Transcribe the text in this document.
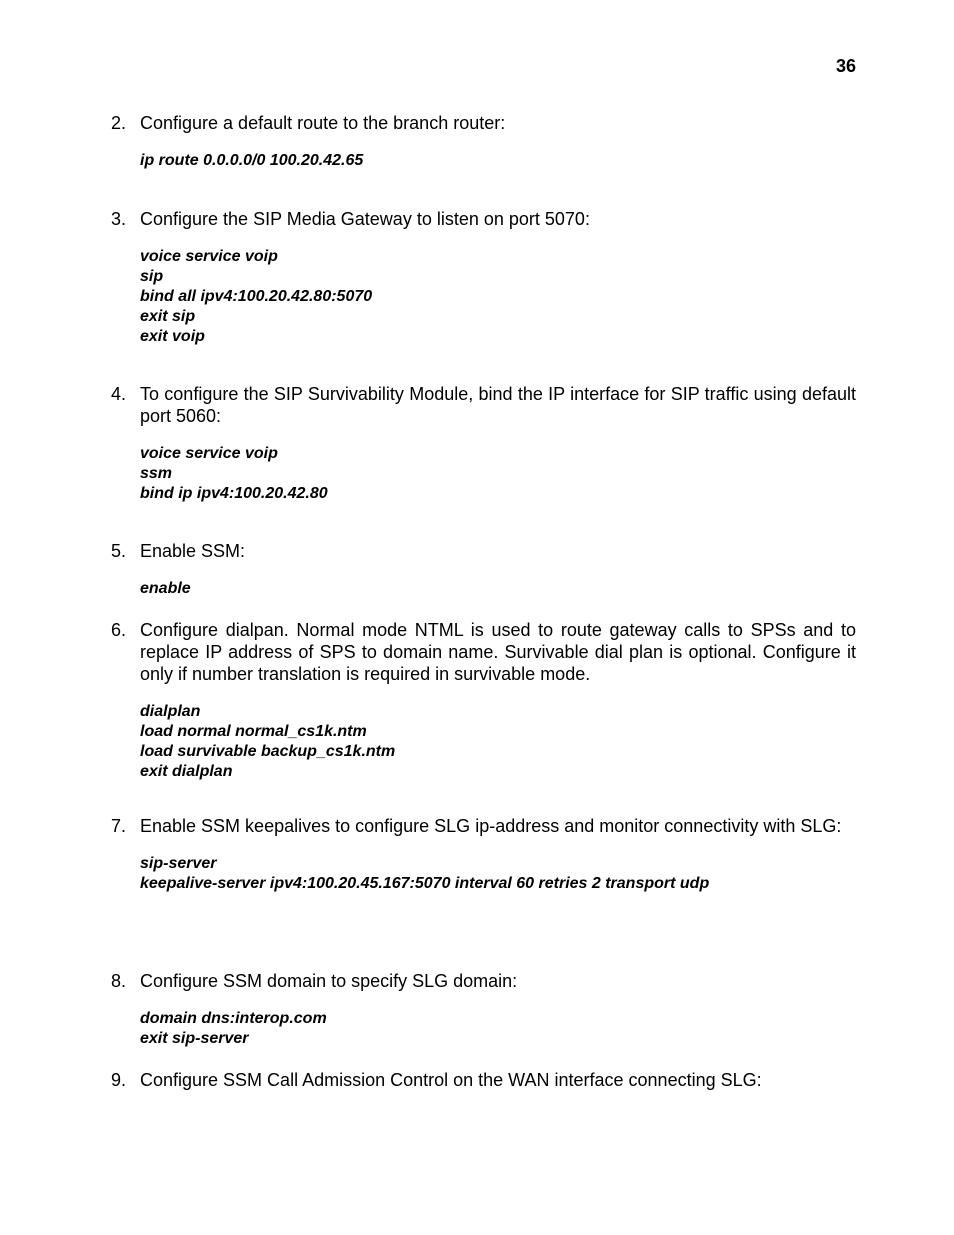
36
2. Configure a default route to the branch router:
ip route 0.0.0.0/0 100.20.42.65
3. Configure the SIP Media Gateway to listen on port 5070:
voice service voip
sip
bind all ipv4:100.20.42.80:5070
exit sip
exit voip
4. To configure the SIP Survivability Module, bind the IP interface for SIP traffic using default port 5060:
voice service voip
ssm
bind ip ipv4:100.20.42.80
5. Enable SSM:
enable
6. Configure dialpan. Normal mode NTML is used to route gateway calls to SPSs and to replace IP address of SPS to domain name. Survivable dial plan is optional. Configure it only if number translation is required in survivable mode.
dialplan
load normal normal_cs1k.ntm
load survivable backup_cs1k.ntm
exit dialplan
7. Enable SSM keepalives to configure SLG ip-address and monitor connectivity with SLG:
sip-server
keepalive-server ipv4:100.20.45.167:5070 interval 60 retries 2 transport udp
8. Configure SSM domain to specify SLG domain:
domain dns:interop.com
exit sip-server
9. Configure SSM Call Admission Control on the WAN interface connecting SLG:
